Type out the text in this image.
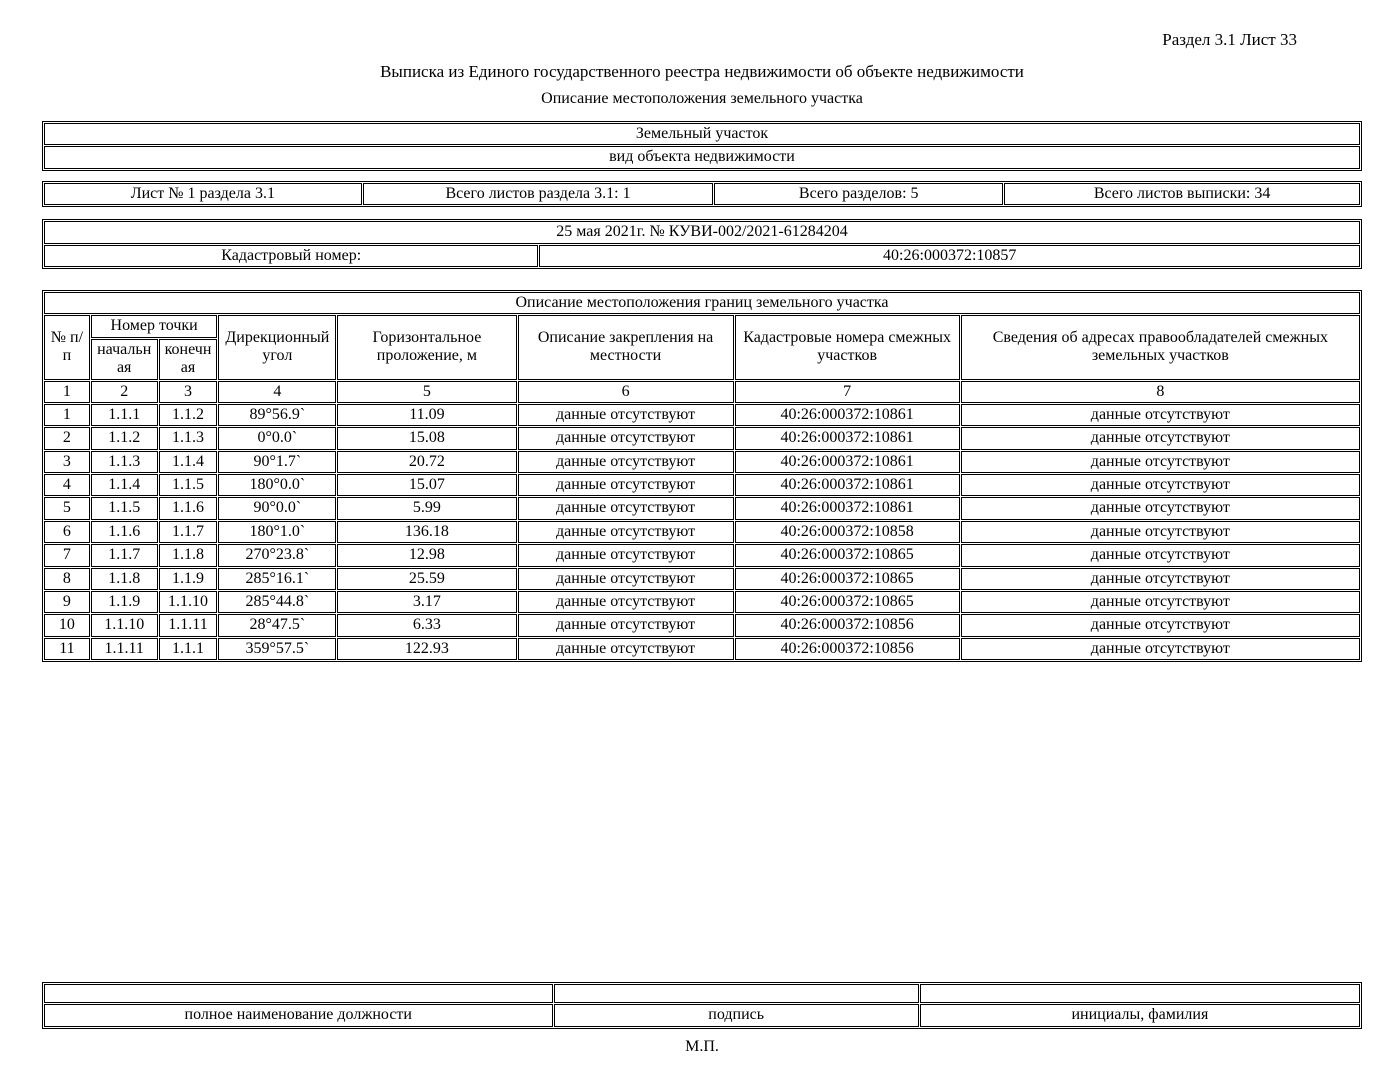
Раздел 3.1 Лист 33
Выписка из Единого государственного реестра недвижимости об объекте недвижимости
Описание местоположения земельного участка
Земельный участок
вид объекта недвижимости
Лист № 1 раздела 3.1	Всего листов раздела 3.1: 1	Всего разделов: 5	Всего листов выписки: 34
25 мая 2021г. № КУВИ-002/2021-61284204
Кадастровый номер:	40:26:000372:10857
Описание местоположения границ земельного участка							
№ п/п	Номер точки		Дирекционный угол	Горизонтальное проложение, м	Описание закрепления на местности	Кадастровые номера смежных участков	Сведения об адресах правообладателей смежных земельных участков
	начальная	конечная					
1	2	3	4	5	6	7	8
1	1.1.1	1.1.2	89°56.9`	11.09	данные отсутствуют	40:26:000372:10861	данные отсутствуют
2	1.1.2	1.1.3	0°0.0`	15.08	данные отсутствуют	40:26:000372:10861	данные отсутствуют
3	1.1.3	1.1.4	90°1.7`	20.72	данные отсутствуют	40:26:000372:10861	данные отсутствуют
4	1.1.4	1.1.5	180°0.0`	15.07	данные отсутствуют	40:26:000372:10861	данные отсутствуют
5	1.1.5	1.1.6	90°0.0`	5.99	данные отсутствуют	40:26:000372:10861	данные отсутствуют
6	1.1.6	1.1.7	180°1.0`	136.18	данные отсутствуют	40:26:000372:10858	данные отсутствуют
7	1.1.7	1.1.8	270°23.8`	12.98	данные отсутствуют	40:26:000372:10865	данные отсутствуют
8	1.1.8	1.1.9	285°16.1`	25.59	данные отсутствуют	40:26:000372:10865	данные отсутствуют
9	1.1.9	1.1.10	285°44.8`	3.17	данные отсутствуют	40:26:000372:10865	данные отсутствуют
10	1.1.10	1.1.11	28°47.5`	6.33	данные отсутствуют	40:26:000372:10856	данные отсутствуют
11	1.1.11	1.1.1	359°57.5`	122.93	данные отсутствуют	40:26:000372:10856	данные отсутствуют

полное наименование должности	подпись	инициалы, фамилия
М.П.
